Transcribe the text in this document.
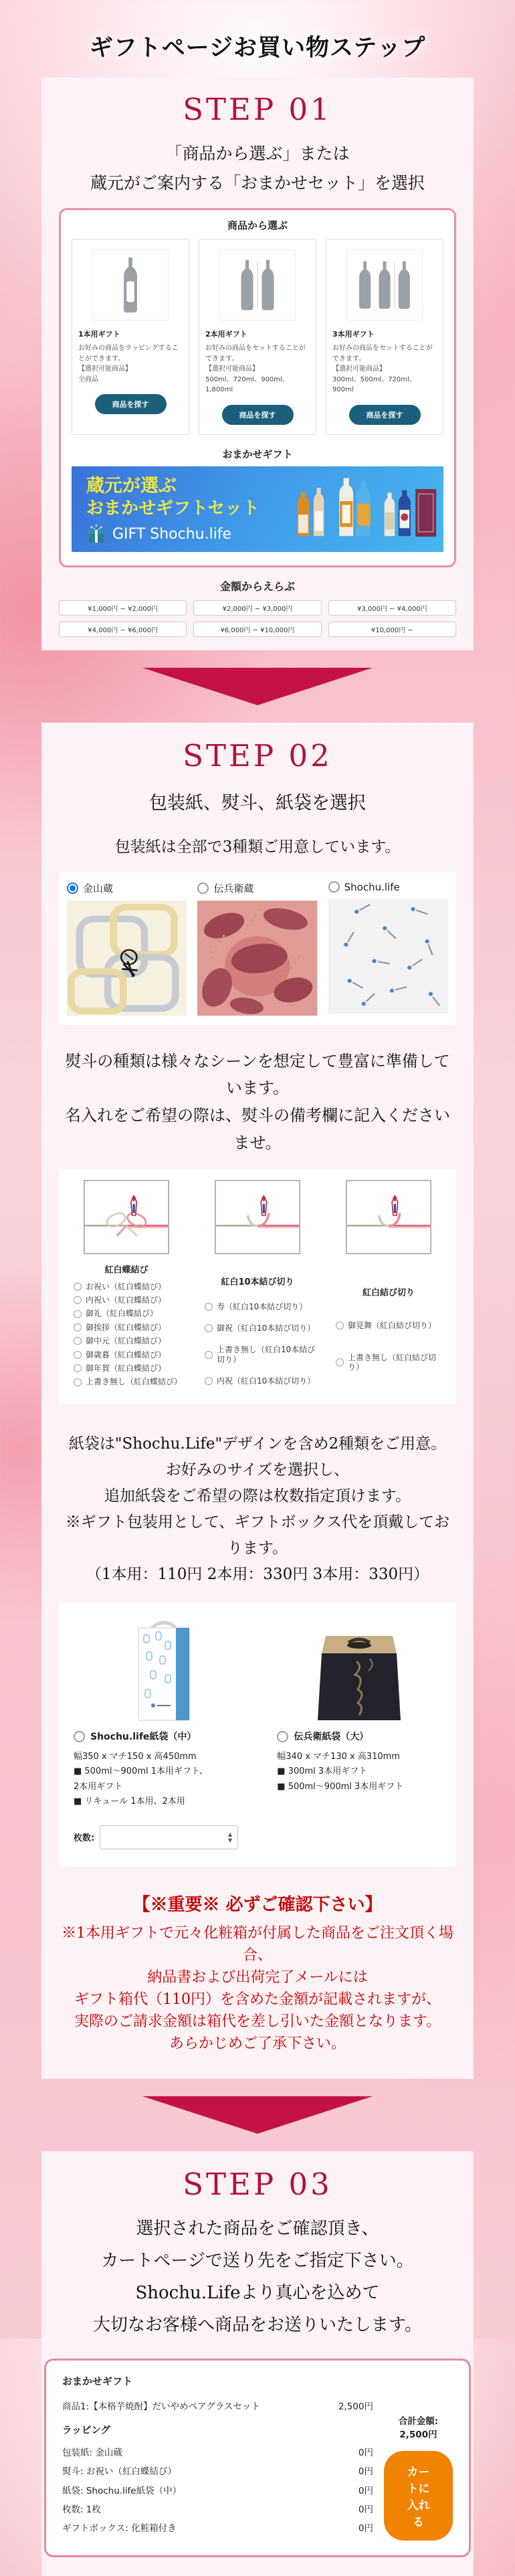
ギフトページお買い物ステップ
STEP 01
「商品から選ぶ」または
蔵元がご案内する「おまかせセット」を選択
商品から選ぶ
1本用ギフト
お好みの商品をラッピングすることができます。
【選択可能商品】
全商品
商品を探す
2本用ギフト
お好みの商品をセットすることができます。
【選択可能商品】
500ml、720ml、900ml、1,800ml
商品を探す
3本用ギフト
お好みの商品をセットすることができます。
【選択可能商品】
300ml、500ml、720ml、900ml
商品を探す
おまかせギフト
蔵元が選ぶ
おまかせギフトセット
GIFT Shochu.life
金額からえらぶ
¥1,000円 ~ ¥2,000円	¥2,000円 ~ ¥3,000円	¥3,000円 ~ ¥4,000円
¥4,000円 ~ ¥6,000円	¥6,000円 ~ ¥10,000円	¥10,000円 ~
STEP 02
包装紙、熨斗、紙袋を選択
包装紙は全部で3種類ご用意しています。
金山蔵	伝兵衛蔵	Shochu.life
熨斗の種類は様々なシーンを想定して豊富に準備しています。
名入れをご希望の際は、熨斗の備考欄に記入くださいませ。
紅白蝶結び
お祝い（紅白蝶結び）
内祝い（紅白蝶結び）
御礼（紅白蝶結び）
御挨拶（紅白蝶結び）
御中元（紅白蝶結び）
御歳暮（紅白蝶結び）
御年賀（紅白蝶結び）
上書き無し（紅白蝶結び）
紅白10本結び切り
寿（紅白10本結び切り）
御祝（紅白10本結び切り）
上書き無し（紅白10本結び切り）
内祝（紅白10本結び切り）
紅白結び切り
御見舞（紅白結び切り）
上書き無し（紅白結び切り）
紙袋は"Shochu.Life"デザインを含め2種類をご用意。
お好みのサイズを選択し、
追加紙袋をご希望の際は枚数指定頂けます。
※ギフト包装用として、ギフトボックス代を頂戴しております。
（1本用：110円 2本用：330円 3本用：330円）
Shochu.life紙袋（中）
幅350 x マチ150 x 高450mm
■ 500ml～900ml 1本用ギフト、
2本用ギフト
■ リキュール 1本用、2本用
枚数:	▲
▼
伝兵衛紙袋（大）
幅340 x マチ130 x 高310mm
■ 300ml 3本用ギフト
■ 500ml～900ml 3本用ギフト
【※重要※ 必ずご確認下さい】
※1本用ギフトで元々化粧箱が付属した商品をご注文頂く場合、
納品書および出荷完了メールには
ギフト箱代（110円）を含めた金額が記載されますが、
実際のご請求金額は箱代を差し引いた金額となります。
あらかじめご了承下さい。
STEP 03
選択された商品をご確認頂き、
カートページで送り先をご指定下さい。
Shochu.Lifeより真心を込めて
大切なお客様へ商品をお送りいたします。
おまかせギフト
商品1:【本格芋焼酎】だいやめペアグラスセット	2,500円
ラッピング
包装紙: 金山蔵	0円
熨斗: お祝い（紅白蝶結び）	0円
紙袋: Shochu.life紙袋（中）	0円
枚数: 1枚	0円
ギフトボックス: 化粧箱付き	0円
合計金額: 2,500円
カートに入れる
